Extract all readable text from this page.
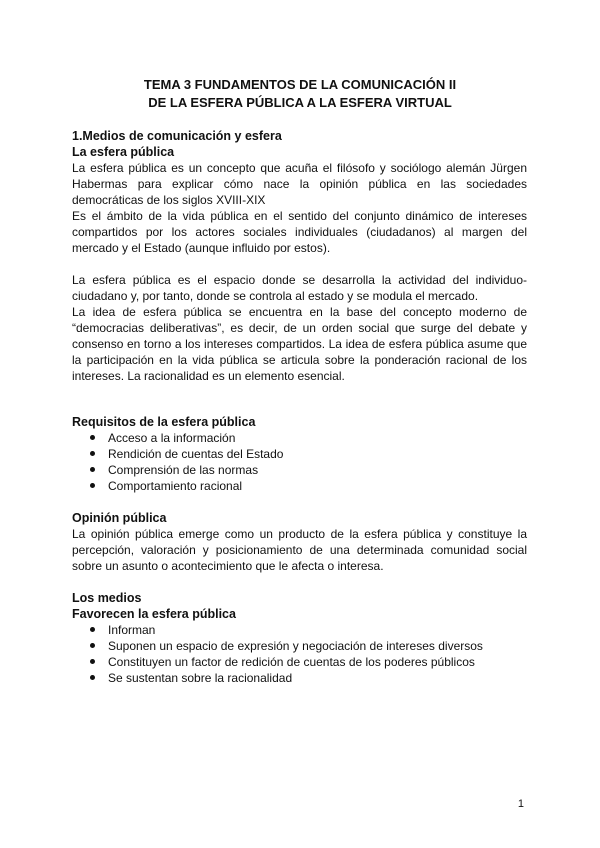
TEMA 3 FUNDAMENTOS DE LA COMUNICACIÓN II
DE LA ESFERA PÚBLICA A LA ESFERA VIRTUAL
1.Medios de comunicación y esfera
La esfera pública
La esfera pública es un concepto que acuña el filósofo y sociólogo alemán Jürgen Habermas para explicar cómo nace la opinión pública en las sociedades democráticas de los siglos XVIII-XIX
Es el ámbito de la vida pública en el sentido del conjunto dinámico de intereses compartidos por los actores sociales individuales (ciudadanos) al margen del mercado y el Estado (aunque influido por estos).
La esfera pública es el espacio donde se desarrolla la actividad del individuo-ciudadano y, por tanto, donde se controla al estado y se modula el mercado.
La idea de esfera pública se encuentra en la base del concepto moderno de “democracias deliberativas”, es decir, de un orden social que surge del debate y consenso en torno a los intereses compartidos. La idea de esfera pública asume que la participación en la vida pública se articula sobre la ponderación racional de los intereses. La racionalidad es un elemento esencial.
Requisitos de la esfera pública
Acceso a la información
Rendición de cuentas del Estado
Comprensión de las normas
Comportamiento racional
Opinión pública
La opinión pública emerge como un producto de la esfera pública y constituye la percepción, valoración y posicionamiento de una determinada comunidad social sobre un asunto o acontecimiento que le afecta o interesa.
Los medios
Favorecen la esfera pública
Informan
Suponen un espacio de expresión y negociación de intereses diversos
Constituyen un factor de redición de cuentas de los poderes públicos
Se sustentan sobre la racionalidad
1
